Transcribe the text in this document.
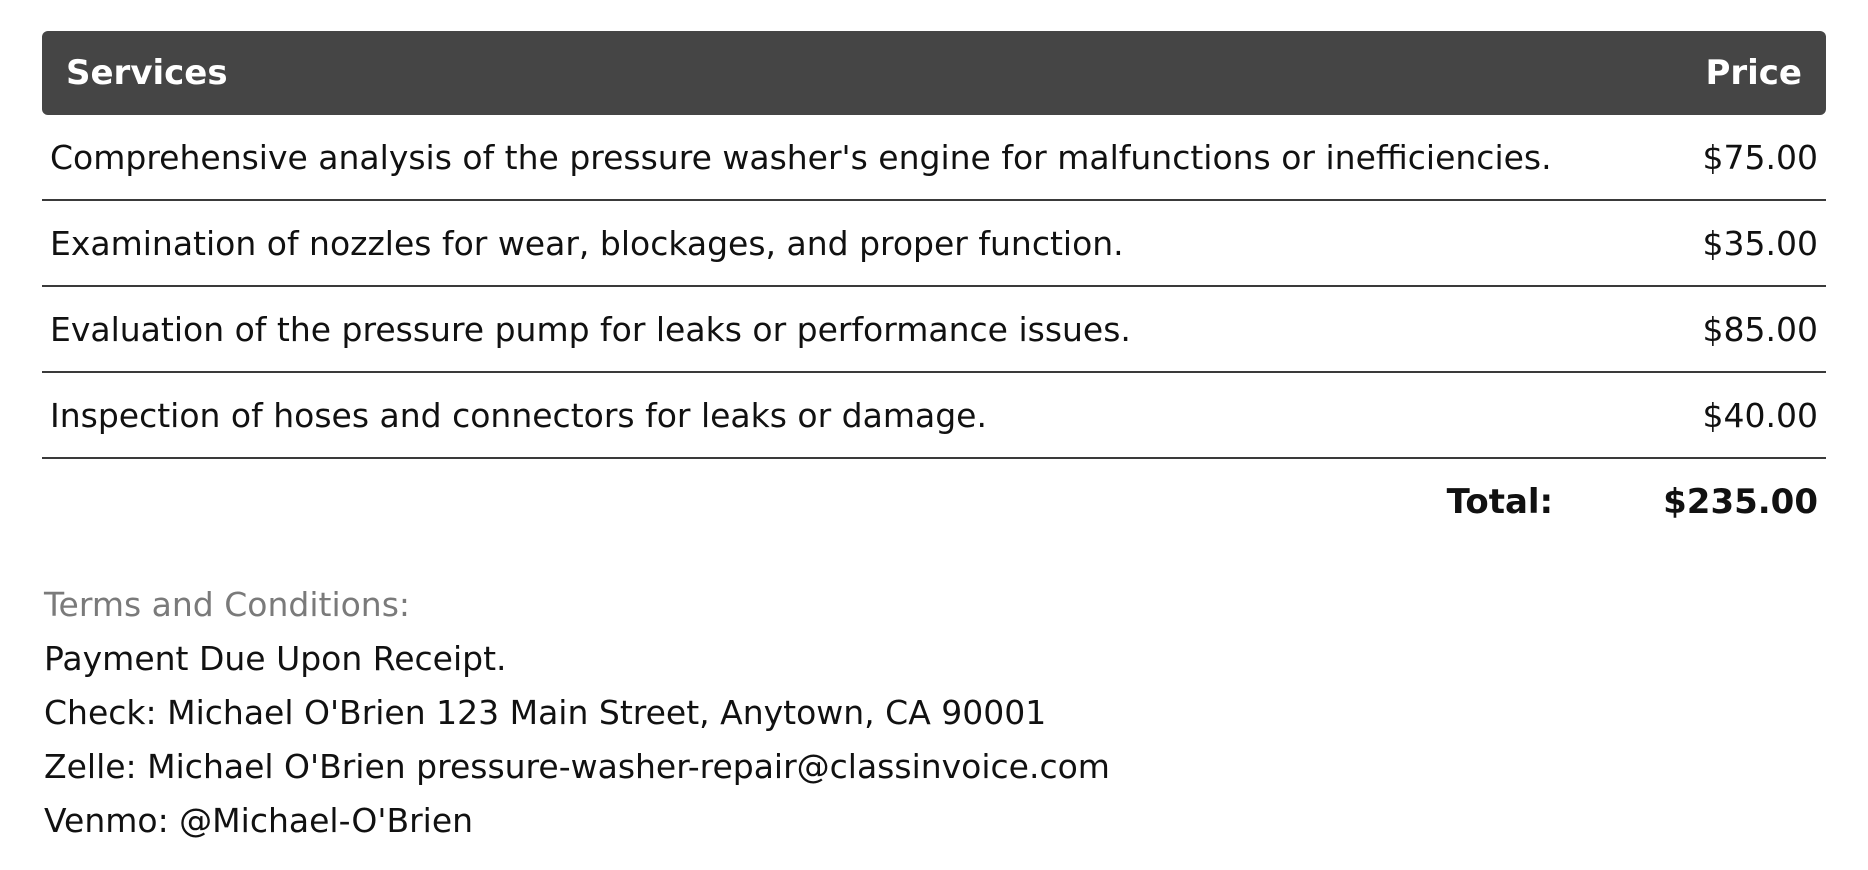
Services	Price
Comprehensive analysis of the pressure washer's engine for malfunctions or inefficiencies.	$75.00
Examination of nozzles for wear, blockages, and proper function.	$35.00
Evaluation of the pressure pump for leaks or performance issues.	$85.00
Inspection of hoses and connectors for leaks or damage.	$40.00
Total:	$235.00
Terms and Conditions:
Payment Due Upon Receipt.
Check: Michael O'Brien 123 Main Street, Anytown, CA 90001
Zelle: Michael O'Brien pressure-washer-repair@classinvoice.com
Venmo: @Michael-O'Brien
